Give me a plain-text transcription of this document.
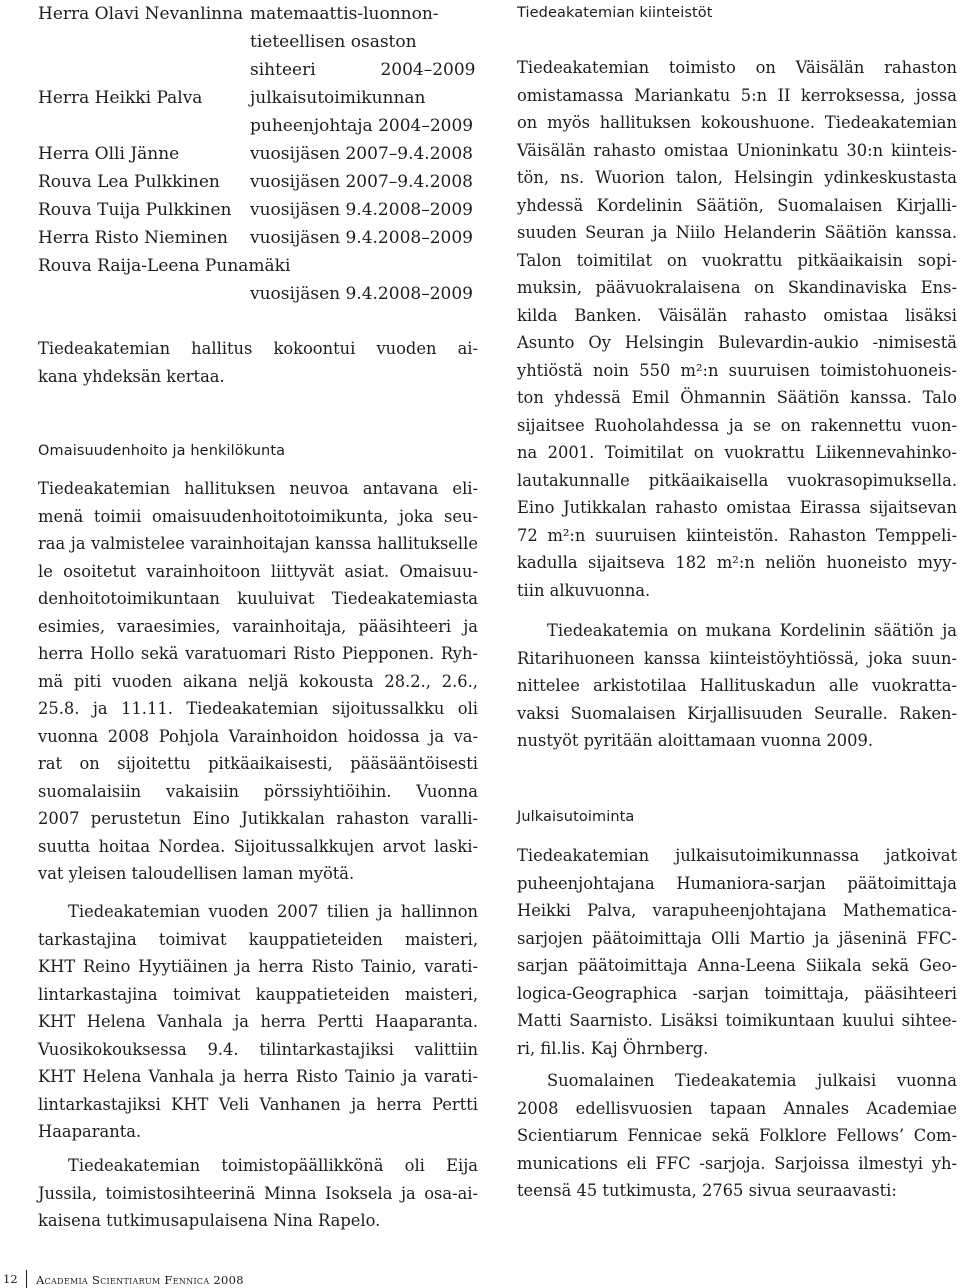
Herra Olavi Nevanlinna matemaattis-luonnon-
tieteellisen osaston
sihteeri            2004–2009
Herra Heikki Palva	julkaisutoimikunnan
puheenjohtaja 2004–2009
Herra Olli Jänne	vuosijäsen 2007–9.4.2008
Rouva Lea Pulkkinen vuosijäsen 2007–9.4.2008
Rouva Tuija Pulkkinen vuosijäsen 9.4.2008–2009
Herra Risto Nieminen vuosijäsen 9.4.2008–2009
Rouva Raija-Leena Punamäki
vuosijäsen 9.4.2008–2009
Tiedeakatemian hallitus kokoontui vuoden ai-
kana yhdeksän kertaa.
Omaisuudenhoito ja henkilökunta
Tiedeakatemian hallituksen neuvoa antavana eli-
menä toimii omaisuudenhoitotoimikunta, joka seu-
raa ja valmistelee varainhoitajan kanssa hallitukselle
le osoitetut varainhoitoon liittyvät asiat. Omaisuu-
denhoitotoimikuntaan kuuluivat Tiedeakatemiasta
esimies, varaesimies, varainhoitaja, pääsihteeri ja
herra Hollo sekä varatuomari Risto Piepponen. Ryh-
mä piti vuoden aikana neljä kokousta 28.2., 2.6.,
25.8. ja 11.11. Tiedeakatemian sijoitussalkku oli
vuonna 2008 Pohjola Varainhoidon hoidossa ja va-
rat on sijoitettu pitkäaikaisesti, pääsääntöisesti
suomalaisiin vakaisiin pörssiyhtiöihin. Vuonna
2007 perustetun Eino Jutikkalan rahaston varalli-
suutta hoitaa Nordea. Sijoitussalkkujen arvot laski-
vat yleisen taloudellisen laman myötä.
Tiedeakatemian vuoden 2007 tilien ja hallinnon
tarkastajina toimivat kauppatieteiden maisteri,
KHT Reino Hyytiäinen ja herra Risto Tainio, varati-
lintarkastajina toimivat kauppatieteiden maisteri,
KHT Helena Vanhala ja herra Pertti Haaparanta.
Vuosikokouksessa 9.4. tilintarkastajiksi valittiin
KHT Helena Vanhala ja herra Risto Tainio ja varati-
lintarkastajiksi KHT Veli Vanhanen ja herra Pertti
Haaparanta.
Tiedeakatemian toimistopäällikkönä oli Eija
Jussila, toimistosihteerinä Minna Isoksela ja osa-ai-
kaisena tutkimusapulaisena Nina Rapelo.
Tiedeakatemian kiinteistöt
Tiedeakatemian toimisto on Väisälän rahaston
omistamassa Mariankatu 5:n II kerroksessa, jossa
on myös hallituksen kokoushuone. Tiedeakatemian
Väisälän rahasto omistaa Unioninkatu 30:n kiinteis-
tön, ns. Wuorion talon, Helsingin ydinkeskustasta
yhdessä Kordelinin Säätiön, Suomalaisen Kirjalli-
suuden Seuran ja Niilo Helanderin Säätiön kanssa.
Talon toimitilat on vuokrattu pitkäaikaisin sopi-
muksin, päävuokralaisena on Skandinaviska Ens-
kilda Banken. Väisälän rahasto omistaa lisäksi
Asunto Oy Helsingin Bulevardin-aukio -nimisestä
yhtiöstä noin 550 m²:n suuruisen toimistohuoneis-
ton yhdessä Emil Öhmannin Säätiön kanssa. Talo
sijaitsee Ruoholahdessa ja se on rakennettu vuon-
na 2001. Toimitilat on vuokrattu Liikennevahinko-
lautakunnalle pitkäaikaisella vuokrasopimuksella.
Eino Jutikkalan rahasto omistaa Eirassa sijaitsevan
72 m²:n suuruisen kiinteistön. Rahaston Temppeli-
kadulla sijaitseva 182 m²:n neliön huoneisto myy-
tiin alkuvuonna.
Tiedeakatemia on mukana Kordelinin säätiön ja
Ritarihuoneen kanssa kiinteistöyhtiössä, joka suun-
nittelee arkistotilaa Hallituskadun alle vuokratta-
vaksi Suomalaisen Kirjallisuuden Seuralle. Raken-
nustyöt pyritään aloittamaan vuonna 2009.
Julkaisutoiminta
Tiedeakatemian julkaisutoimikunnassa jatkoivat
puheenjohtajana Humaniora-sarjan päätoimittaja
Heikki Palva, varapuheenjohtajana Mathematica-
sarjojen päätoimittaja Olli Martio ja jäseninä FFC-
sarjan päätoimittaja Anna-Leena Siikala sekä Geo-
logica-Geographica -sarjan toimittaja, pääsihteeri
Matti Saarnisto. Lisäksi toimikuntaan kuului sihtee-
ri, fil.lis. Kaj Öhrnberg.
Suomalainen Tiedeakatemia julkaisi vuonna
2008 edellisvuosien tapaan Annales Academiae
Scientiarum Fennicae sekä Folklore Fellows’ Com-
munications eli FFC -sarjoja. Sarjoissa ilmestyi yh-
teensä 45 tutkimusta, 2765 sivua seuraavasti:
12 Academia Scientiarum Fennica 2008
